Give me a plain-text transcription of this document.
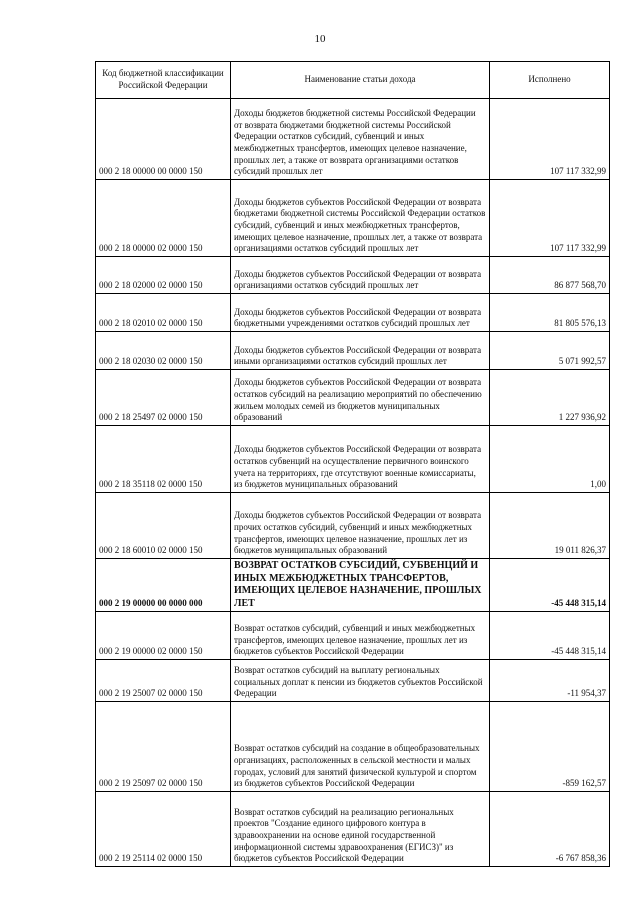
10
Код бюджетной классификации Российской Федерации	Наименование статьи дохода	Исполнено
000 2 18 00000 00 0000 150	Доходы бюджетов бюджетной системы Российской Федерации от возврата бюджетами бюджетной системы Российской Федерации остатков субсидий, субвенций и иных межбюджетных трансфертов, имеющих целевое назначение, прошлых лет, а также от возврата организациями остатков субсидий прошлых лет	107 117 332,99
000 2 18 00000 02 0000 150	Доходы бюджетов субъектов Российской Федерации от возврата бюджетами бюджетной системы Российской Федерации остатков субсидий, субвенций и иных межбюджетных трансфертов, имеющих целевое назначение, прошлых лет, а также от возврата организациями остатков субсидий прошлых лет	107 117 332,99
000 2 18 02000 02 0000 150	Доходы бюджетов субъектов Российской Федерации от возврата организациями остатков субсидий прошлых лет	86 877 568,70
000 2 18 02010 02 0000 150	Доходы бюджетов субъектов Российской Федерации от возврата бюджетными учреждениями остатков субсидий прошлых лет	81 805 576,13
000 2 18 02030 02 0000 150	Доходы бюджетов субъектов Российской Федерации от возврата иными организациями остатков субсидий прошлых лет	5 071 992,57
000 2 18 25497 02 0000 150	Доходы бюджетов субъектов Российской Федерации от возврата остатков субсидий на реализацию мероприятий по обеспечению жильем молодых семей из бюджетов муниципальных образований	1 227 936,92
000 2 18 35118 02 0000 150	Доходы бюджетов субъектов Российской Федерации от возврата остатков субвенций на осуществление первичного воинского учета на территориях, где отсутствуют военные комиссариаты, из бюджетов муниципальных образований	1,00
000 2 18 60010 02 0000 150	Доходы бюджетов субъектов Российской Федерации от возврата прочих остатков субсидий, субвенций и иных межбюджетных трансфертов, имеющих целевое назначение, прошлых лет из бюджетов муниципальных образований	19 011 826,37
000 2 19 00000 00 0000 000	ВОЗВРАТ ОСТАТКОВ СУБСИДИЙ, СУБВЕНЦИЙ И ИНЫХ МЕЖБЮДЖЕТНЫХ ТРАНСФЕРТОВ, ИМЕЮЩИХ ЦЕЛЕВОЕ НАЗНАЧЕНИЕ, ПРОШЛЫХ ЛЕТ	-45 448 315,14
000 2 19 00000 02 0000 150	Возврат остатков субсидий, субвенций и иных межбюджетных трансфертов, имеющих целевое назначение, прошлых лет из бюджетов субъектов Российской Федерации	-45 448 315,14
000 2 19 25007 02 0000 150	Возврат остатков субсидий на выплату региональных социальных доплат к пенсии из бюджетов субъектов Российской Федерации	-11 954,37
000 2 19 25097 02 0000 150	Возврат остатков субсидий на создание в общеобразовательных организациях, расположенных в сельской местности и малых городах, условий для занятий физической культурой и спортом из бюджетов субъектов Российской Федерации	-859 162,57
000 2 19 25114 02 0000 150	Возврат остатков субсидий на реализацию региональных проектов "Создание единого цифрового контура в здравоохранении на основе единой государственной информационной системы здравоохранения (ЕГИСЗ)" из бюджетов субъектов Российской Федерации	-6 767 858,36
